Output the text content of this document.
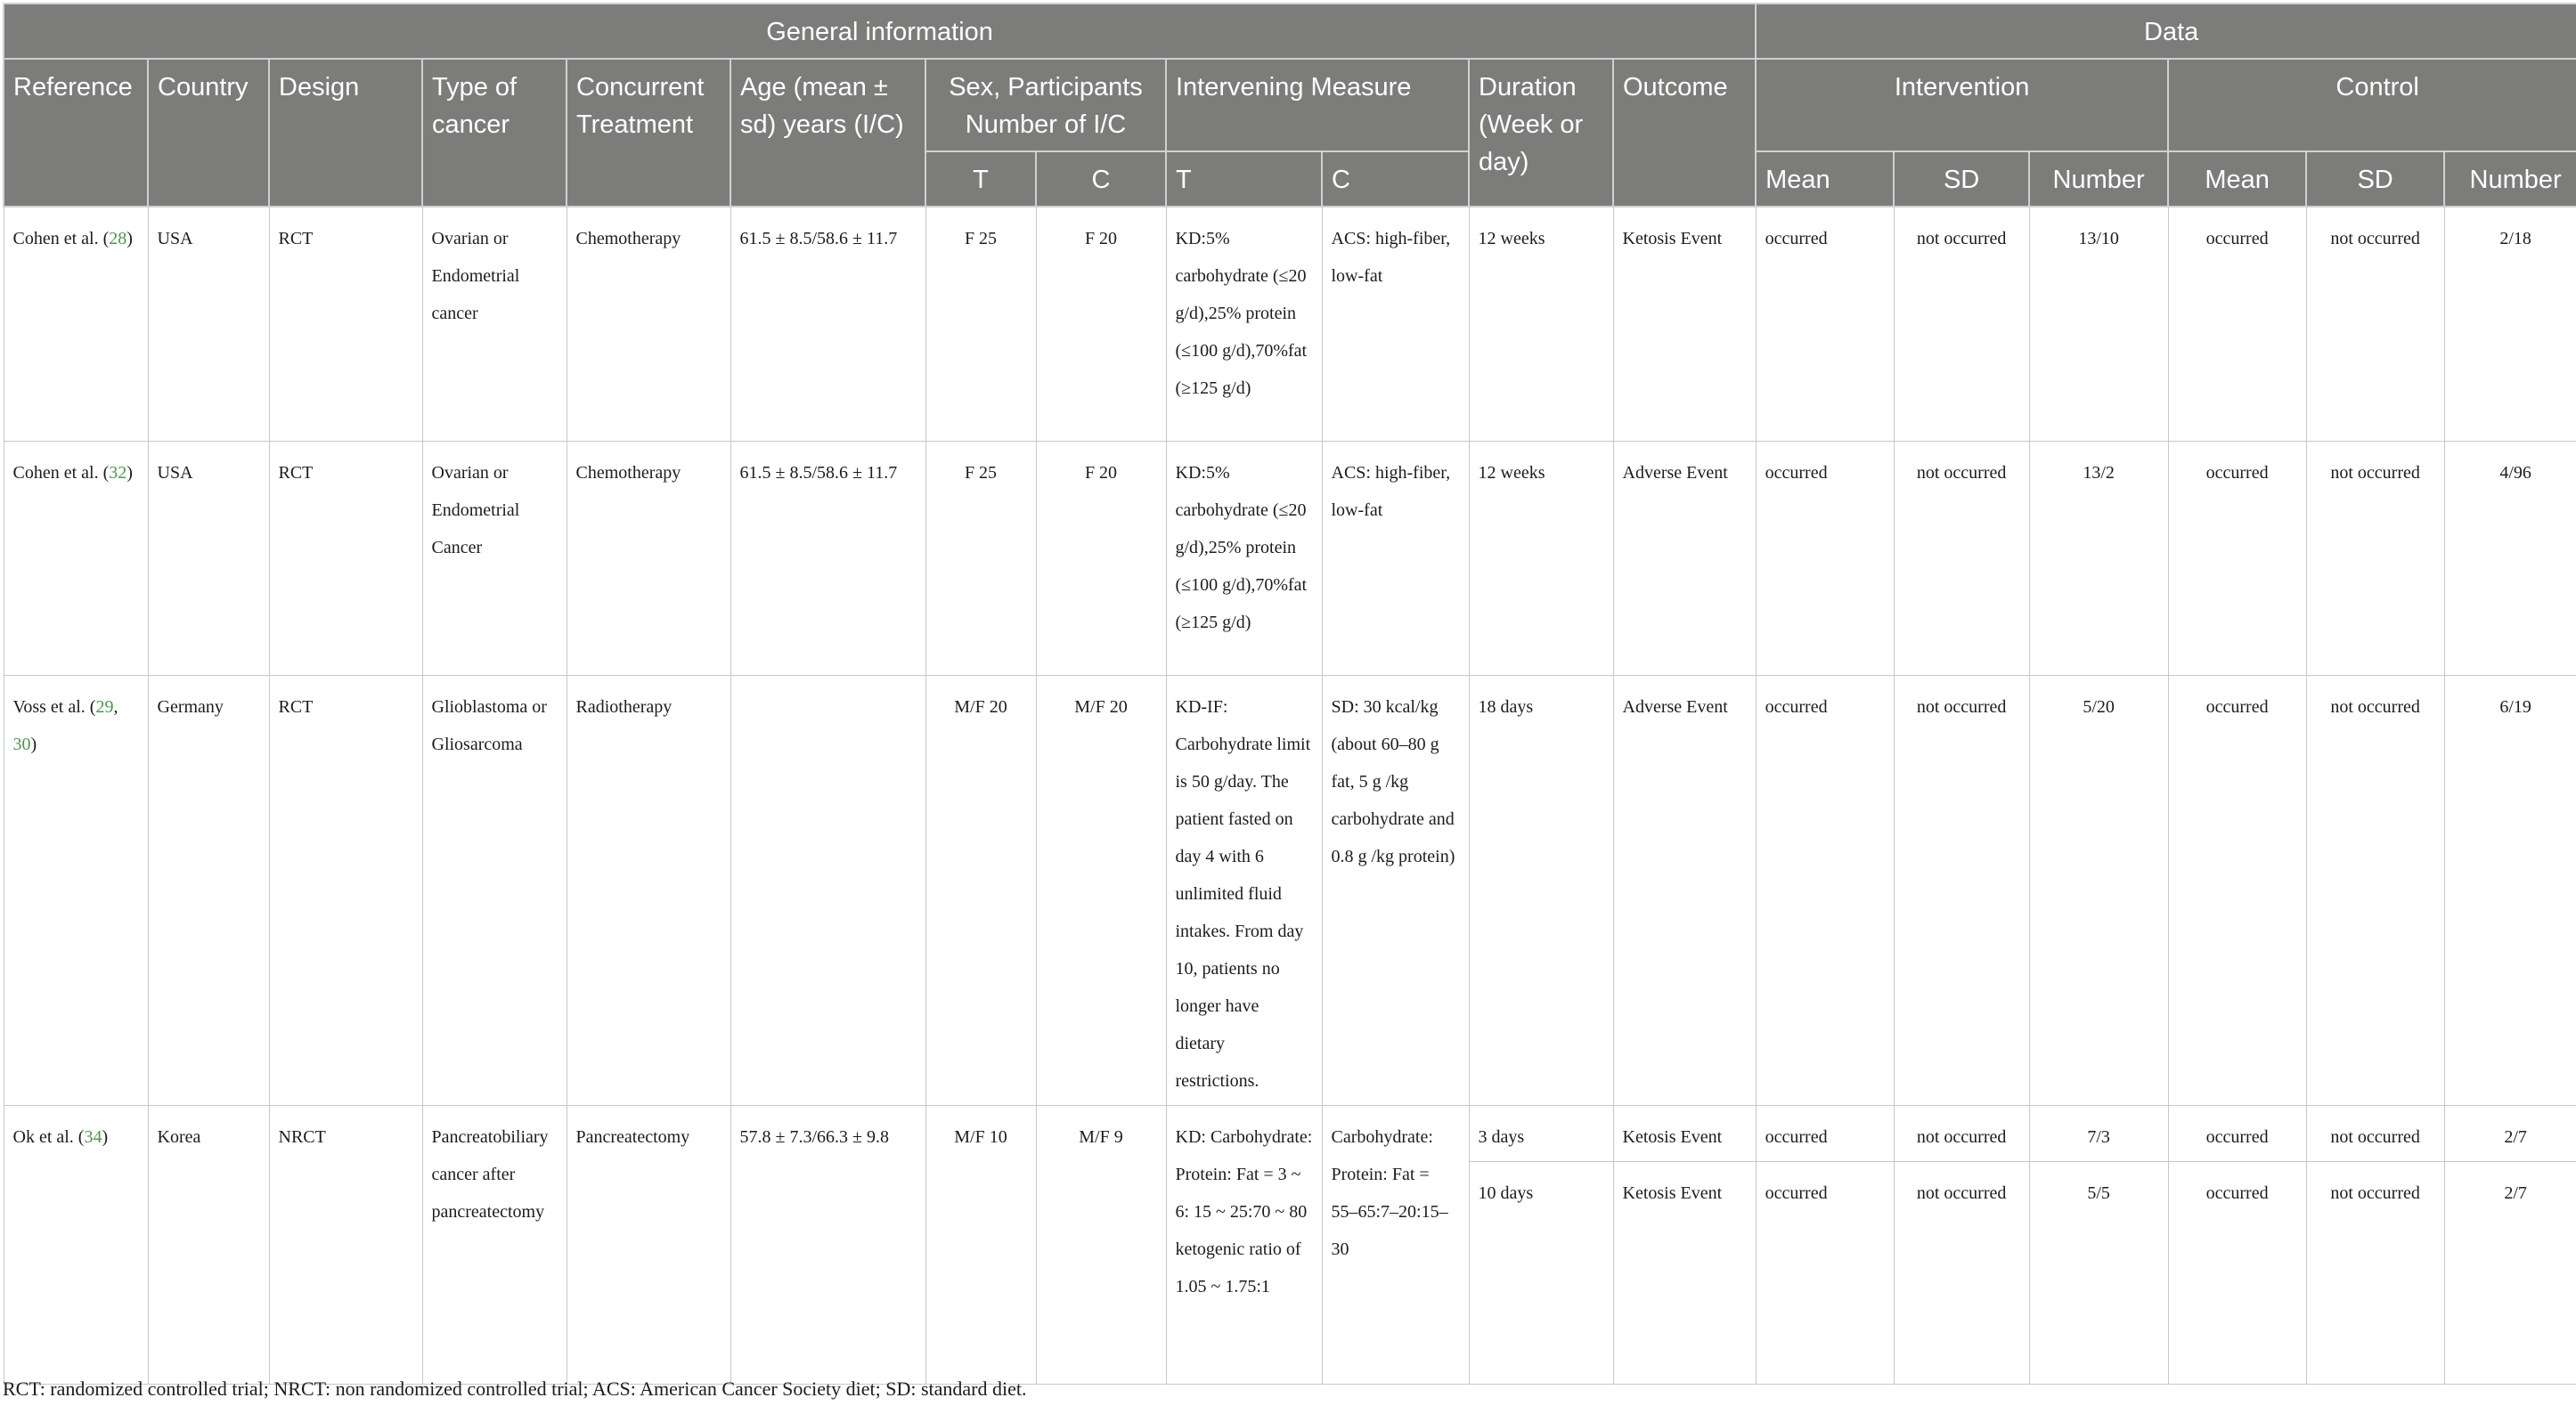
General information												Data					
Reference	Country	Design	Type of cancer	Concurrent Treatment	Age (mean ± sd) years (I/C)	Sex, Participants Number of I/C		Intervening Measure		Duration (Week or day)	Outcome	Intervention			Control		
						T	C	T	C			Mean	SD	Number	Mean	SD	Number
Cohen et al. (28)	USA	RCT	Ovarian or Endometrial cancer	Chemotherapy	61.5 ± 8.5/58.6 ± 11.7	F 25	F 20	KD:5% carbohydrate (≤20 g/d),25% protein (≤100 g/d),70%fat (≥125 g/d)	ACS: high-fiber, low-fat	12 weeks	Ketosis Event	occurred	not occurred	13/10	occurred	not occurred	2/18
Cohen et al. (32)	USA	RCT	Ovarian or Endometrial Cancer	Chemotherapy	61.5 ± 8.5/58.6 ± 11.7	F 25	F 20	KD:5% carbohydrate (≤20 g/d),25% protein (≤100 g/d),70%fat (≥125 g/d)	ACS: high-fiber, low-fat	12 weeks	Adverse Event	occurred	not occurred	13/2	occurred	not occurred	4/96
Voss et al. (29, 30)	Germany	RCT	Glioblastoma or Gliosarcoma	Radiotherapy		M/F 20	M/F 20	KD-IF: Carbohydrate limit is 50 g/day. The patient fasted on day 4 with 6 unlimited fluid intakes. From day 10, patients no longer have dietary restrictions.	SD: 30 kcal/kg (about 60–80 g fat, 5 g /kg carbohydrate and 0.8 g /kg protein)	18 days	Adverse Event	occurred	not occurred	5/20	occurred	not occurred	6/19
Ok et al. (34)	Korea	NRCT	Pancreatobiliary cancer after pancreatectomy	Pancreatectomy	57.8 ± 7.3/66.3 ± 9.8	M/F 10	M/F 9	KD: Carbohydrate: Protein: Fat = 3 ~ 6: 15 ~ 25:70 ~ 80 ketogenic ratio of 1.05 ~ 1.75:1	Carbohydrate: Protein: Fat = 55–65:7–20:15–30	3 days	Ketosis Event	occurred	not occurred	7/3	occurred	not occurred	2/7
										10 days	Ketosis Event	occurred	not occurred	5/5	occurred	not occurred	2/7
RCT: randomized controlled trial; NRCT: non randomized controlled trial; ACS: American Cancer Society diet; SD: standard diet.
